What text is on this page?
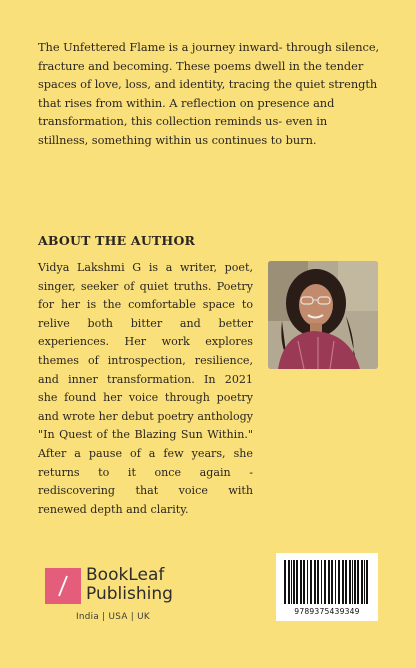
The Unfettered Flame is a journey inward- through silence, fracture and becoming. These poems dwell in the tender spaces of love, loss, and identity, tracing the quiet strength that rises from within. A reflection on presence and transformation, this collection reminds us- even in stillness, something within us continues to burn.

ABOUT THE AUTHOR

Vidya Lakshmi G is a writer, poet, singer, seeker of quiet truths. Poetry for her is the comfortable space to relive both bitter and better experiences. Her work explores themes of introspection, resilience, and inner transformation. In 2021 she found her voice through poetry and wrote her debut poetry anthology "In Quest of the Blazing Sun Within." After a pause of a few years, she returns to it once again - rediscovering that voice with renewed depth and clarity.

BookLeaf
Publishing
India | USA | UK
9789375439349
